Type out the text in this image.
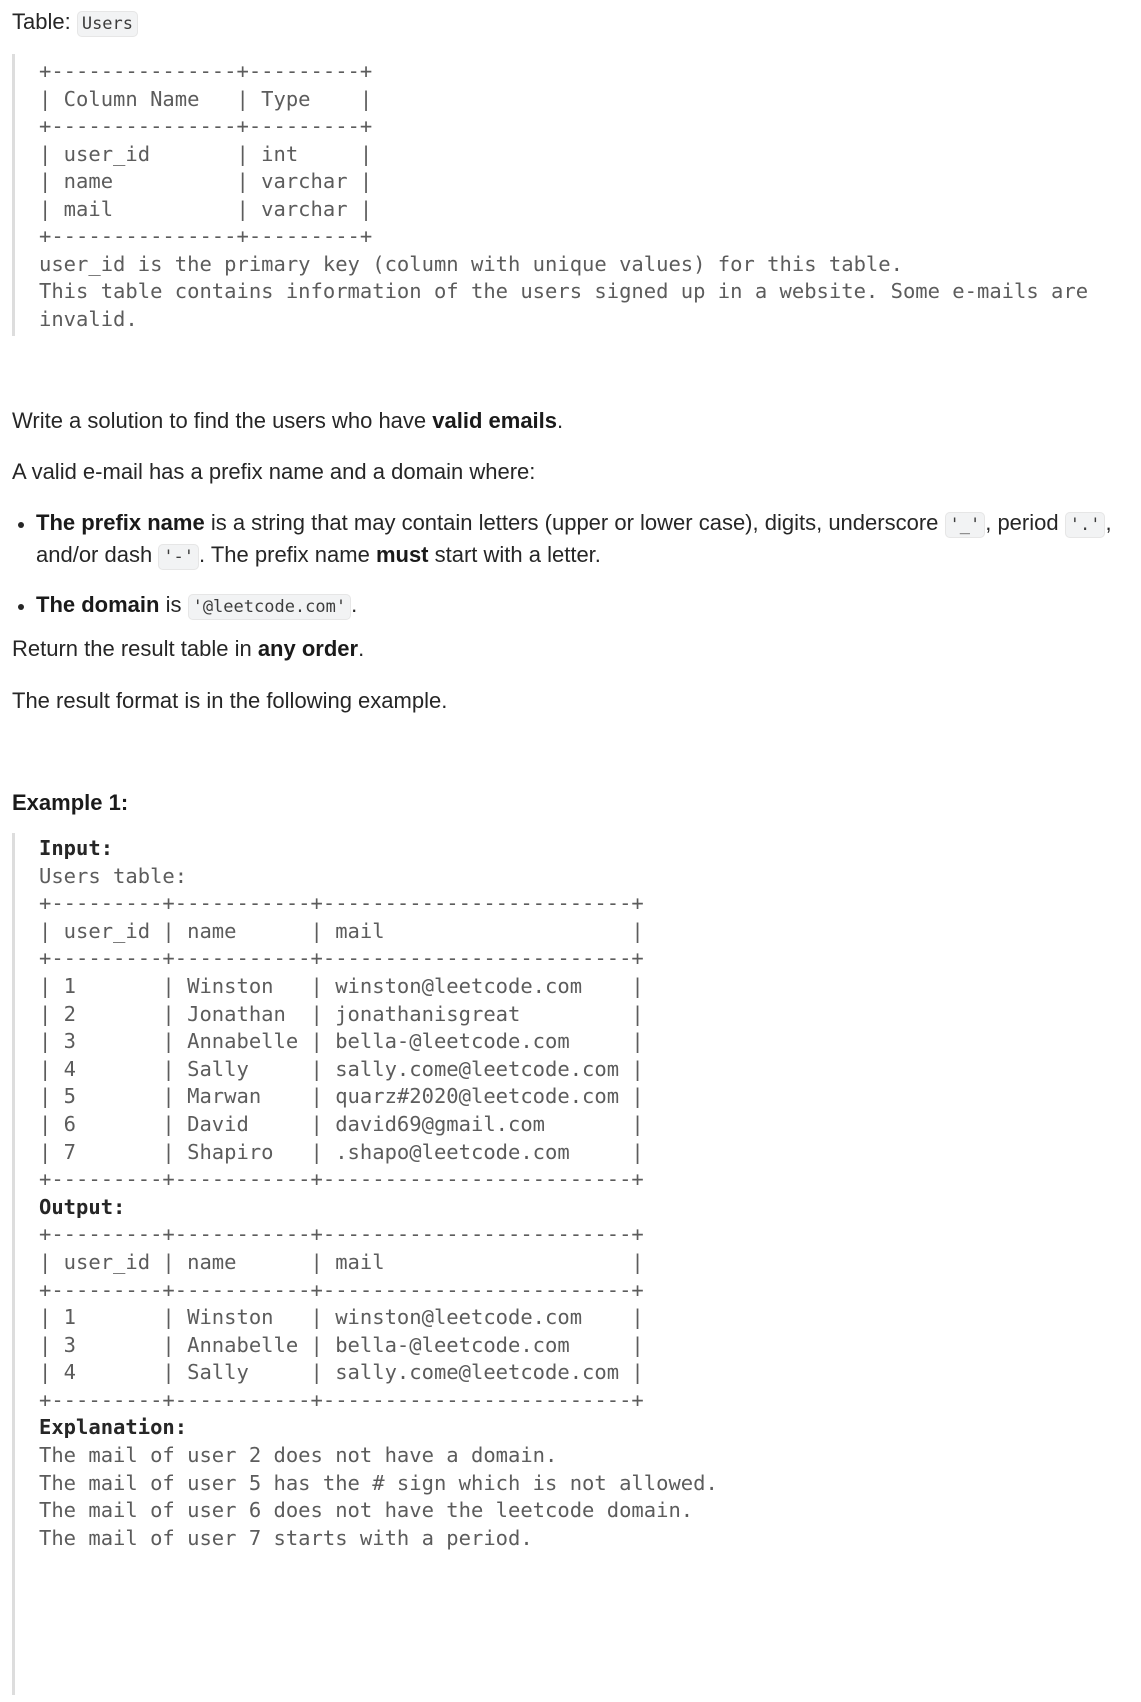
Table: Users

+---------------+---------+
| Column Name   | Type    |
+---------------+---------+
| user_id       | int     |
| name          | varchar |
| mail          | varchar |
+---------------+---------+
user_id is the primary key (column with unique values) for this table.
This table contains information of the users signed up in a website. Some e-mails are
invalid.

Write a solution to find the users who have valid emails.

A valid e-mail has a prefix name and a domain where:

• The prefix name is a string that may contain letters (upper or lower case), digits, underscore '_' , period '.' ,
and/or dash '-' . The prefix name must start with a letter.
• The domain is '@leetcode.com' .

Return the result table in any order.

The result format is in the following example.

Example 1:

Input:
Users table:
+---------+-----------+-------------------------+
| user_id | name      | mail                    |
+---------+-----------+-------------------------+
| 1       | Winston   | winston@leetcode.com    |
| 2       | Jonathan  | jonathanisgreat         |
| 3       | Annabelle | bella-@leetcode.com     |
| 4       | Sally     | sally.come@leetcode.com |
| 5       | Marwan    | quarz#2020@leetcode.com |
| 6       | David     | david69@gmail.com       |
| 7       | Shapiro   | .shapo@leetcode.com     |
+---------+-----------+-------------------------+
Output:
+---------+-----------+-------------------------+
| user_id | name      | mail                    |
+---------+-----------+-------------------------+
| 1       | Winston   | winston@leetcode.com    |
| 3       | Annabelle | bella-@leetcode.com     |
| 4       | Sally     | sally.come@leetcode.com |
+---------+-----------+-------------------------+
Explanation:
The mail of user 2 does not have a domain.
The mail of user 5 has the # sign which is not allowed.
The mail of user 6 does not have the leetcode domain.
The mail of user 7 starts with a period.
